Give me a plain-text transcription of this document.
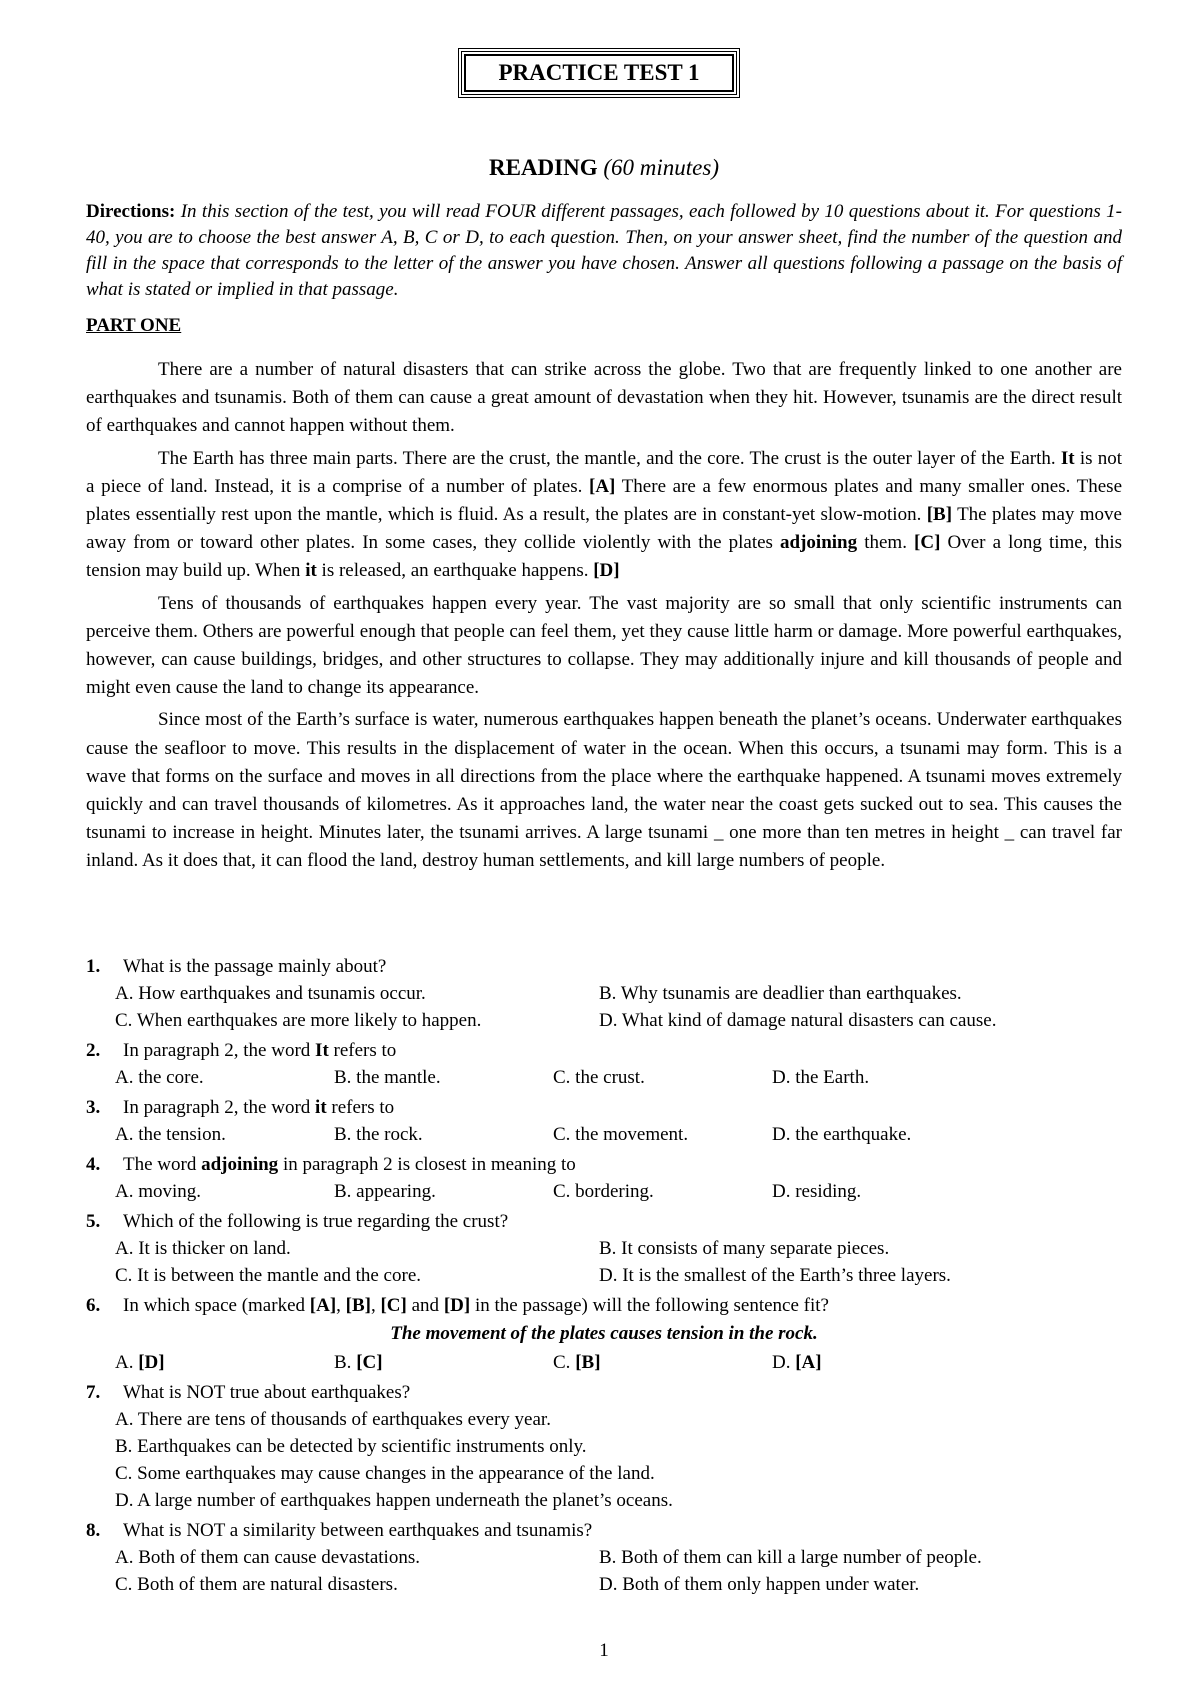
PRACTICE TEST 1
READING (60 minutes)
Directions: In this section of the test, you will read FOUR different passages, each followed by 10 questions about it. For questions 1-40, you are to choose the best answer A, B, C or D, to each question. Then, on your answer sheet, find the number of the question and fill in the space that corresponds to the letter of the answer you have chosen. Answer all questions following a passage on the basis of what is stated or implied in that passage.
PART ONE

There are a number of natural disasters that can strike across the globe. Two that are frequently linked to one another are earthquakes and tsunamis. Both of them can cause a great amount of devastation when they hit. However, tsunamis are the direct result of earthquakes and cannot happen without them.

The Earth has three main parts. There are the crust, the mantle, and the core. The crust is the outer layer of the Earth. It is not a piece of land. Instead, it is a comprise of a number of plates. [A] There are a few enormous plates and many smaller ones. These plates essentially rest upon the mantle, which is fluid. As a result, the plates are in constant-yet slow-motion. [B] The plates may move away from or toward other plates. In some cases, they collide violently with the plates adjoining them. [C] Over a long time, this tension may build up. When it is released, an earthquake happens. [D]

Tens of thousands of earthquakes happen every year. The vast majority are so small that only scientific instruments can perceive them. Others are powerful enough that people can feel them, yet they cause little harm or damage. More powerful earthquakes, however, can cause buildings, bridges, and other structures to collapse. They may additionally injure and kill thousands of people and might even cause the land to change its appearance.

Since most of the Earth’s surface is water, numerous earthquakes happen beneath the planet’s oceans. Underwater earthquakes cause the seafloor to move. This results in the displacement of water in the ocean. When this occurs, a tsunami may form. This is a wave that forms on the surface and moves in all directions from the place where the earthquake happened. A tsunami moves extremely quickly and can travel thousands of kilometres. As it approaches land, the water near the coast gets sucked out to sea. This causes the tsunami to increase in height. Minutes later, the tsunami arrives. A large tsunami _ one more than ten metres in height _ can travel far inland. As it does that, it can flood the land, destroy human settlements, and kill large numbers of people.

1. What is the passage mainly about?
A. How earthquakes and tsunamis occur.	B. Why tsunamis are deadlier than earthquakes.
C. When earthquakes are more likely to happen.	D. What kind of damage natural disasters can cause.
2. In paragraph 2, the word It refers to
A. the core.	B. the mantle.	C. the crust.	D. the Earth.
3. In paragraph 2, the word it refers to
A. the tension.	B. the rock.	C. the movement.	D. the earthquake.
4. The word adjoining in paragraph 2 is closest in meaning to
A. moving.	B. appearing.	C. bordering.	D. residing.
5. Which of the following is true regarding the crust?
A. It is thicker on land.	B. It consists of many separate pieces.
C. It is between the mantle and the core.	D. It is the smallest of the Earth’s three layers.
6. In which space (marked [A], [B], [C] and [D] in the passage) will the following sentence fit?
The movement of the plates causes tension in the rock.
A. [D]	B. [C]	C. [B]	D. [A]
7. What is NOT true about earthquakes?
A. There are tens of thousands of earthquakes every year.
B. Earthquakes can be detected by scientific instruments only.
C. Some earthquakes may cause changes in the appearance of the land.
D. A large number of earthquakes happen underneath the planet’s oceans.
8. What is NOT a similarity between earthquakes and tsunamis?
A. Both of them can cause devastations.	B. Both of them can kill a large number of people.
C. Both of them are natural disasters.	D. Both of them only happen under water.
1
